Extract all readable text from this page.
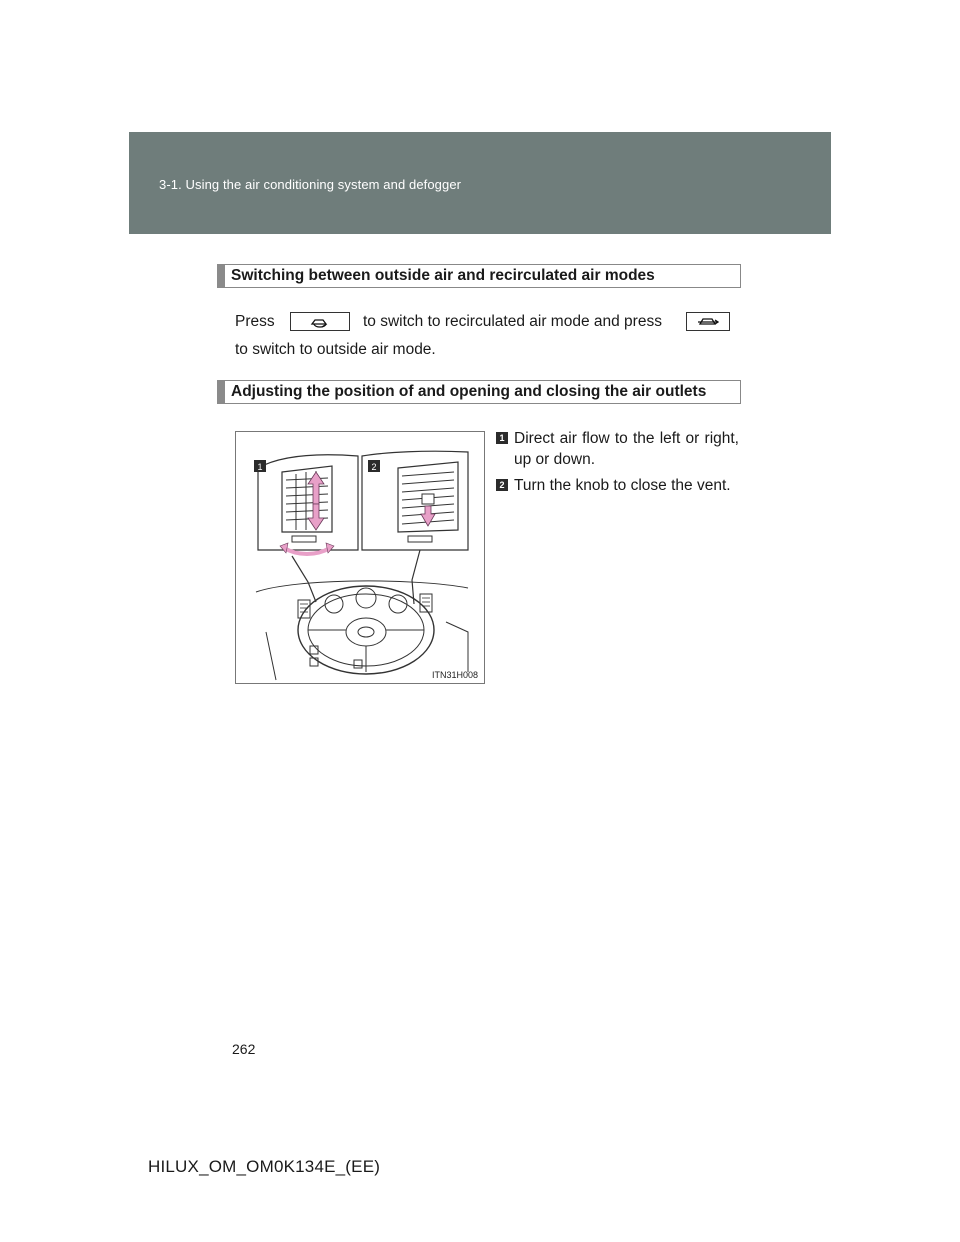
3-1. Using the air conditioning system and defogger
Switching between outside air and recirculated air modes
Press	to switch to recirculated air mode and press
to switch to outside air mode.
Adjusting the position of and opening and closing the air outlets
1	2
ITN31H008
1 Direct air flow to the left or right, up or down.
2 Turn the knob to close the vent.
262
HILUX_OM_OM0K134E_(EE)
